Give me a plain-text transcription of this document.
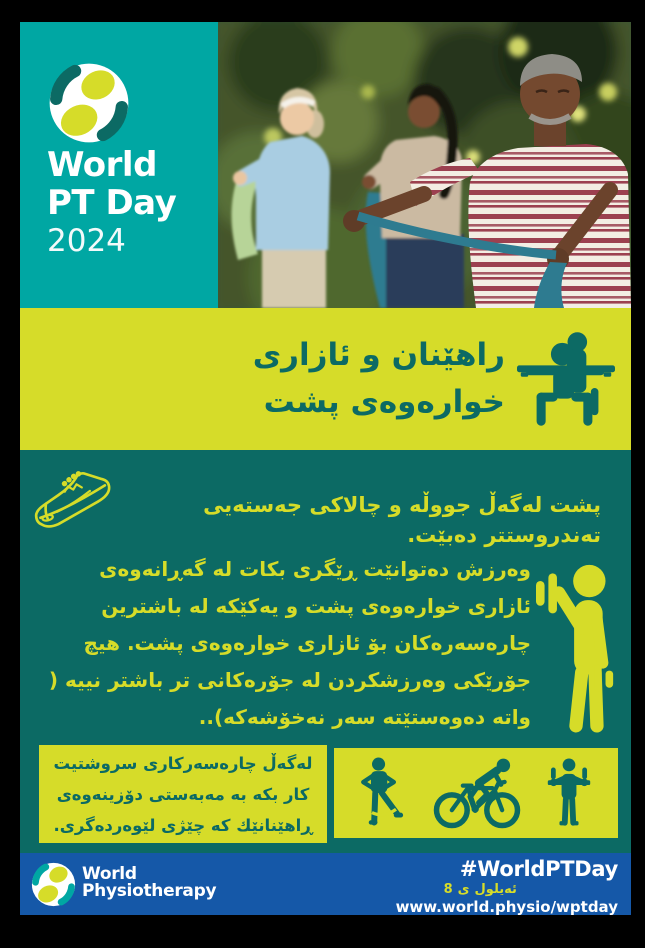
World
PT Day
2024
راهێنان و ئازاری
خوارەوەی پشت
پشت لەگەڵ جووڵە و چالاکی جەستەیی تەندروستتر دەبێت.
وەرزش دەتوانێت ڕێگری بکات لە گەڕانەوەی ئازاری خوارەوەی پشت و یەکێکە لە باشترین چارەسەرەکان بۆ ئازاری خوارەوەی پشت. هیچ جۆرێکی وەرزشکردن لە جۆرەکانی تر باشتر نییە ( واتە دەوەستێتە سەر نەخۆشەکە)..
لەگەڵ چارەسەرکاری سروشتیت کار بکە بە مەبەستی دۆزینەوەی ڕاهێنانێك کە چێژی لێوەردەگری.
World
Physiotherapy
#WorldPTDay
8 ی ئەیلول
www.world.physio/wptday
